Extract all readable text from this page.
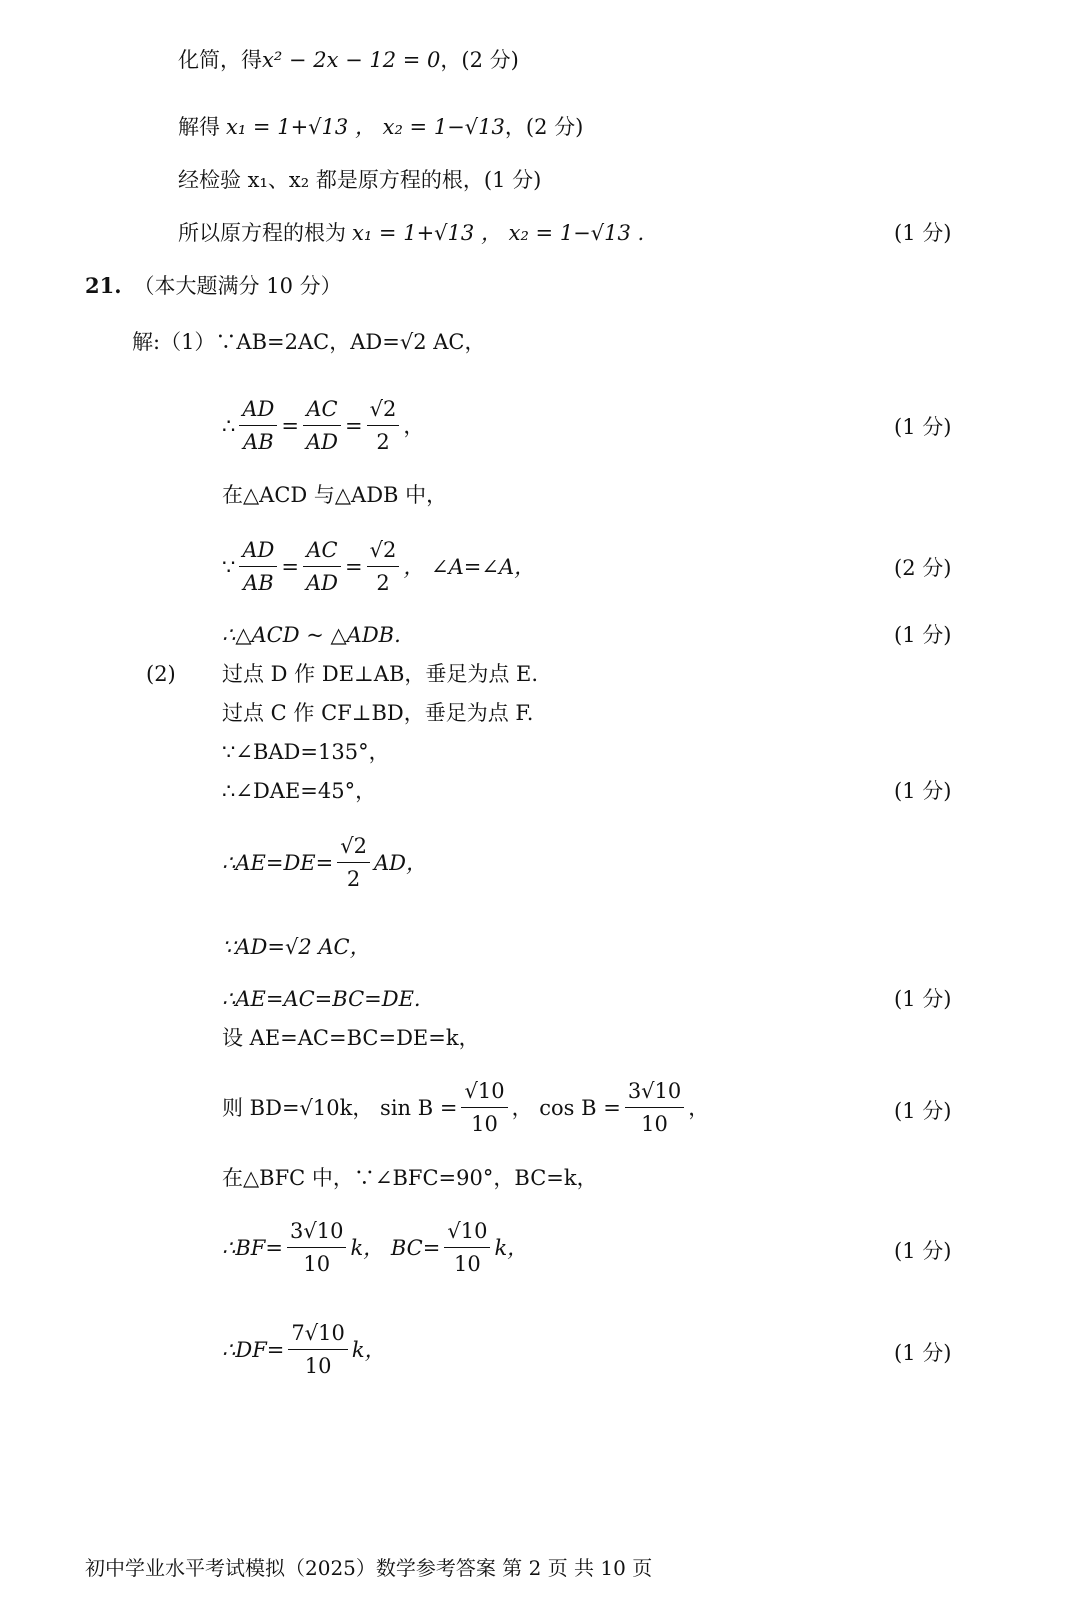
化简，得 x² − 2x − 12 = 0 ，(2 分)
解得 x₁ = 1+√13 ， x₂ = 1−√13 ，(2 分)
经检验 x₁、x₂ 都是原方程的根，(1 分)
所以原方程的根为 x₁ = 1+√13 ， x₂ = 1−√13 .	(1 分)
21. （本大题满分 10 分）
解:（1）∵AB=2AC，AD=√2 AC，
∴ $\frac{AD}{AB} = \frac{AC}{AD} = \frac{√2}{2}$ ，	(1 分)
在△ACD 与△ADB 中，
∵ $\frac{AD}{AB} = \frac{AC}{AD} = \frac{√2}{2}$ ， ∠A=∠A，	(2 分)
∴△ACD ~ △ADB.	(1 分)
(2)	过点 D 作 DE⊥AB，垂足为点 E.
过点 C 作 CF⊥BD，垂足为点 F.
∵∠BAD=135°，
∴∠DAE=45°，	(1 分)
∴AE=DE= $\frac{√2}{2}$ AD，
∵AD=√2 AC，
∴AE=AC=BC=DE.	(1 分)
设 AE=AC=BC=DE=k，
则 BD=√10k， $\sin B = \frac{√10}{10}$ ， $\cos B = \frac{3√10}{10}$ ，	(1 分)
在△BFC 中，∵∠BFC=90°，BC=k，
∴BF= $\frac{3√10}{10}$ k， $BC= \frac{√10}{10}$ k，	(1 分)
∴DF= $\frac{7√10}{10}$ k，	(1 分)
初中学业水平考试模拟（2025）数学参考答案 第 2 页 共 10 页
